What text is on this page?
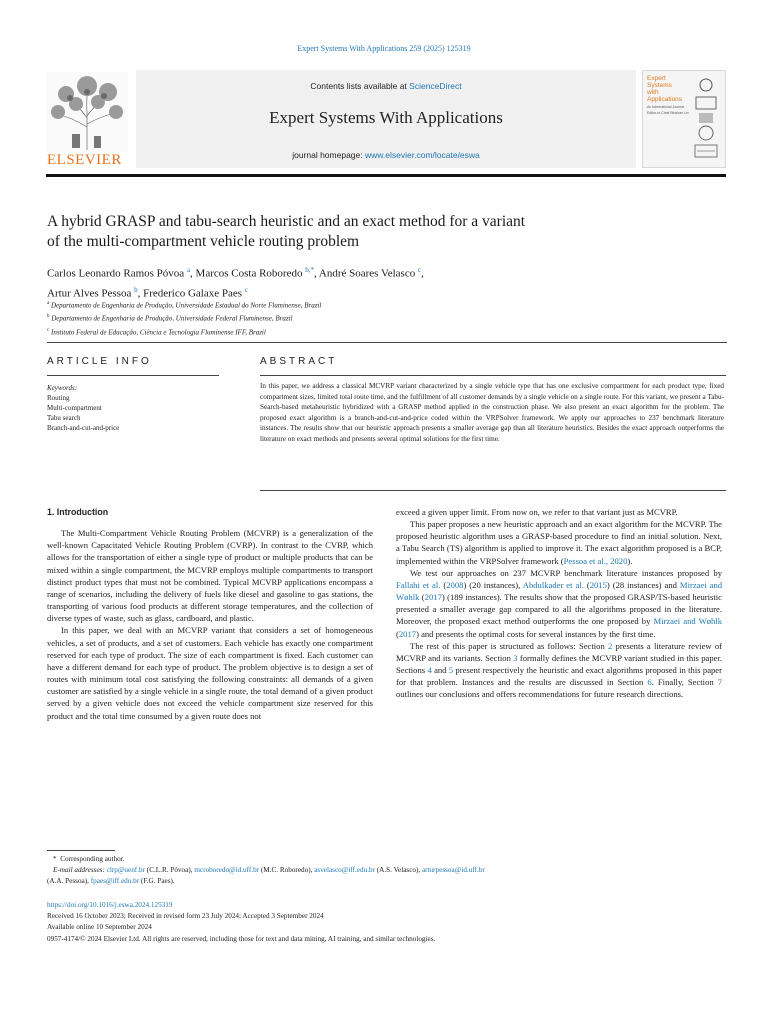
Expert Systems With Applications 259 (2025) 125319
ELSEVIER
Contents lists available at ScienceDirect
Expert Systems With Applications
journal homepage: www.elsevier.com/locate/eswa
Expert
Systems
with
Applications
An International Journal
Editor-in-Chief Binshan Lin
A hybrid GRASP and tabu-search heuristic and an exact method for a variant
of the multi-compartment vehicle routing problem
Carlos Leonardo Ramos Póvoa $^a$, Marcos Costa Roboredo $^{b,*}$, André Soares Velasco $^c$,
Artur Alves Pessoa $^b$, Frederico Galaxe Paes $^c$
$^a$ Departamento de Engenharia de Produção, Universidade Estadual do Norte Fluminense, Brazil
$^b$ Departamento de Engenharia de Produção, Universidade Federal Fluminense, Brazil
$^c$ Instituto Federal de Educação, Ciência e Tecnologia Fluminense IFF, Brazil
ARTICLE INFO	ABSTRACT
Keywords:
Routing
Multi-compartment
Tabu search
Branch-and-cut-and-price
In this paper, we address a classical MCVRP variant characterized by a single vehicle type that has one exclusive compartment for each product type, fixed compartment sizes, limited total route time, and the fulfillment of all customer demands by a single vehicle on a single route. For this variant, we present a Tabu-Search-based metaheuristic hybridized with a GRASP method applied in the construction phase. We also present an exact algorithm for the problem. The proposed exact algorithm is a branch-and-cut-and-price coded within the VRPSolver framework. We apply our approaches to 237 benchmark literature instances. The results show that our heuristic approach presents a smaller average gap than all literature heuristics. Besides the exact approach outperforms the literature on exact methods and presents several optimal solutions for the first time.
1. Introduction

The Multi-Compartment Vehicle Routing Problem (MCVRP) is a generalization of the well-known Capacitated Vehicle Routing Problem (CVRP). In contrast to the CVRP, which allows for the transportation of either a single type of product or multiple products that can be mixed within a single compartment, the MCVRP employs multiple compartments to transport distinct product types that must not be combined. Typical MCVRP applications encompass a range of scenarios, including the delivery of fuels like diesel and gasoline to gas stations, the transporting of various food products at different storage temperatures, and the collection of diverse types of waste, such as glass, cardboard, and plastic.

In this paper, we deal with an MCVRP variant that considers a set of homogeneous vehicles, a set of products, and a set of customers. Each vehicle has exactly one compartment reserved for each type of product. The size of each compartment is fixed. Each customer can have a different demand for each type of product. The problem objective is to design a set of routes with minimum total cost satisfying the following constraints: all demands of a given customer are satisfied by a single vehicle in a single route, the total demand of a given product served by a given vehicle does not exceed the vehicle compartment size reserved for this product and the total time consumed by a given route does not

exceed a given upper limit. From now on, we refer to that variant just as MCVRP.

This paper proposes a new heuristic approach and an exact algorithm for the MCVRP. The proposed heuristic algorithm uses a GRASP-based procedure to find an initial solution. Next, a Tabu Search (TS) algorithm is applied to improve it. The exact algorithm proposed is a BCP, implemented within the VRPSolver framework (Pessoa et al., 2020).

We test our approaches on 237 MCVRP benchmark literature instances proposed by Fallahi et al. (2008) (20 instances), Abdulkader et al. (2015) (28 instances) and Mirzaei and Wøhlk (2017) (189 instances). The results show that the proposed GRASP/TS-based heuristic presented a smaller average gap compared to all the algorithms proposed in the literature. Moreover, the proposed exact method outperforms the one proposed by Mirzaei and Wøhlk (2017) and presents the optimal costs for several instances by the first time.

The rest of this paper is structured as follows: Section 2 presents a literature review of MCVRP and its variants. Section 3 formally defines the MCVRP variant studied in this paper. Sections 4 and 5 present respectively the heuristic and exact algorithms proposed in this paper for that problem. Instances and the results are discussed in Section 6. Finally, Section 7 outlines our conclusions and offers recommendations for future research directions.

* Corresponding author.
E-mail addresses: clrp@uenf.br (C.L.R. Póvoa), mcroboredo@id.uff.br (M.C. Roboredo), asvelasco@iff.edu.br (A.S. Velasco), arturpessoa@id.uff.br
(A.A. Pessoa), fpaes@iff.edu.br (F.G. Paes).
https://doi.org/10.1016/j.eswa.2024.125319
Received 16 October 2023; Received in revised form 23 July 2024; Accepted 3 September 2024
Available online 10 September 2024
0957-4174/© 2024 Elsevier Ltd. All rights are reserved, including those for text and data mining, AI training, and similar technologies.
